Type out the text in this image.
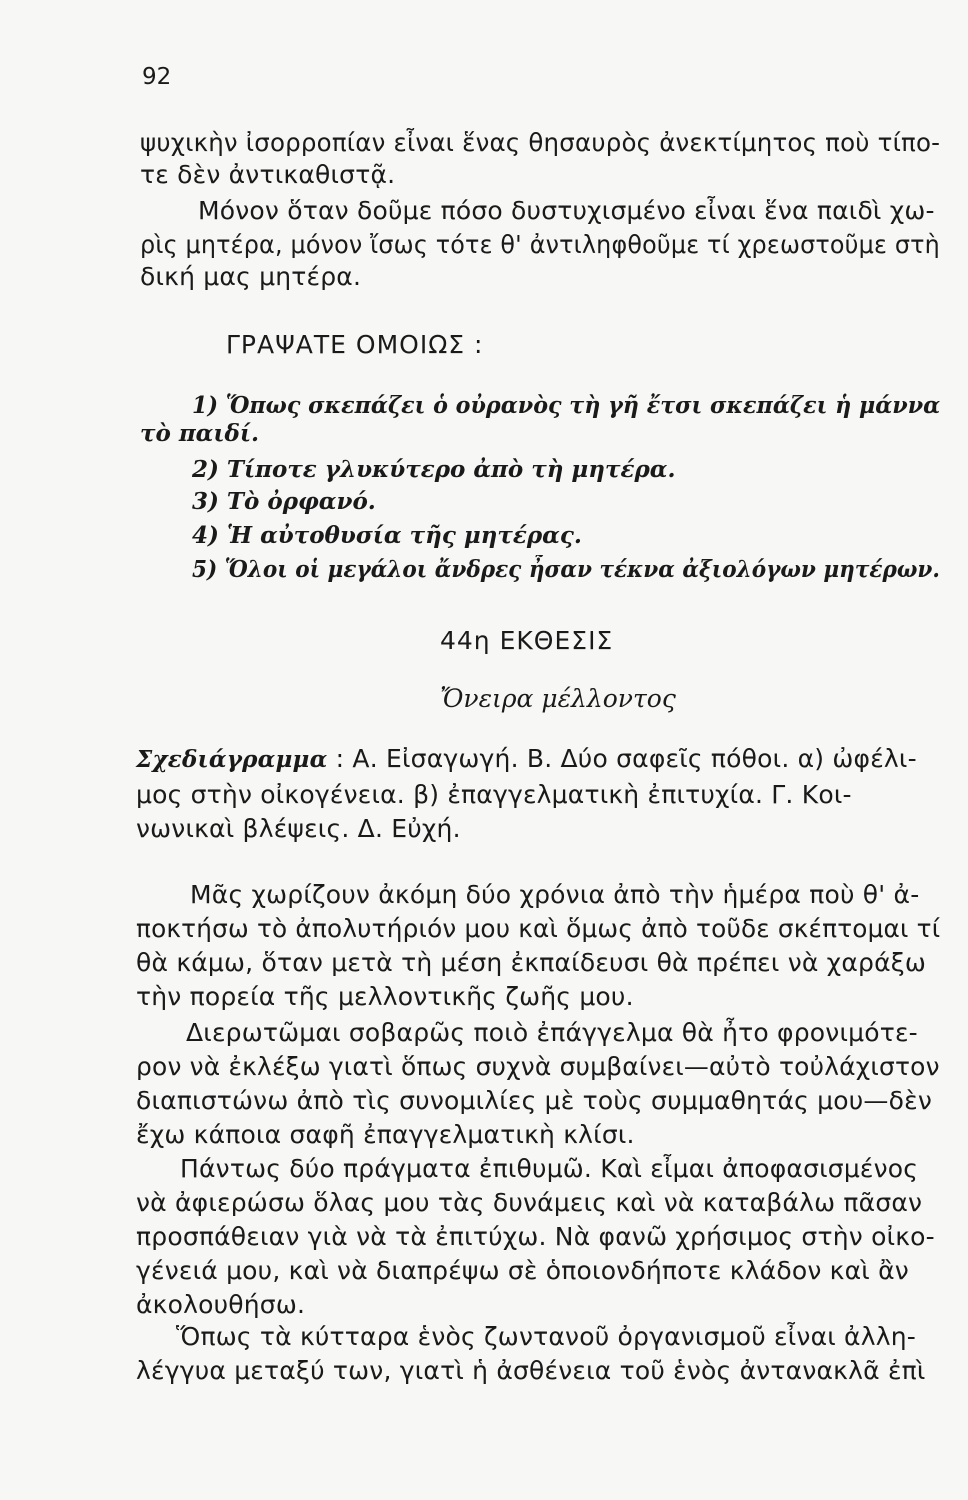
92
ψυχικὴν ἰσορροπίαν εἶναι ἕνας θησαυρὸς ἀνεκτίμητος ποὺ τίπο-
τε δὲν ἀντικαθιστᾷ.
Μόνον ὅταν δοῦμε πόσο δυστυχισμένο εἶναι ἕνα παιδὶ χω-
ρὶς μητέρα, μόνον ἴσως τότε θ' ἀντιληφθοῦμε τί χρεωστοῦμε στὴ
δική μας μητέρα.
ΓΡΑΨΑΤΕ ΟΜΟΙΩΣ :
1) Ὅπως σκεπάζει ὁ οὐρανὸς τὴ γῆ ἔτσι σκεπάζει ἡ μάννα
τὸ παιδί.
2) Τίποτε γλυκύτερο ἀπὸ τὴ μητέρα.
3) Τὸ ὀρφανό.
4) Ἡ αὐτοθυσία τῆς μητέρας.
5) Ὅλοι οἱ μεγάλοι ἄνδρες ἦσαν τέκνα ἀξιολόγων μητέρων.
44η ΕΚΘΕΣΙΣ
Ὄνειρα μέλλοντος
Σχεδιάγραμμα : Α. Εἰσαγωγή. Β. Δύο σαφεῖς πόθοι. α) ὠφέλι-
μος στὴν οἰκογένεια. β) ἐπαγγελματικὴ ἐπιτυχία. Γ. Κοι-
νωνικαὶ βλέψεις. Δ. Εὐχή.
Μᾶς χωρίζουν ἀκόμη δύο χρόνια ἀπὸ τὴν ἡμέρα ποὺ θ' ἀ-
ποκτήσω τὸ ἀπολυτήριόν μου καὶ ὅμως ἀπὸ τοῦδε σκέπτομαι τί
θὰ κάμω, ὅταν μετὰ τὴ μέση ἐκπαίδευσι θὰ πρέπει νὰ χαράξω
τὴν πορεία τῆς μελλοντικῆς ζωῆς μου.
Διερωτῶμαι σοβαρῶς ποιὸ ἐπάγγελμα θὰ ἦτο φρονιμότε-
ρον νὰ ἐκλέξω γιατὶ ὅπως συχνὰ συμβαίνει—αὐτὸ τοὐλάχιστον
διαπιστώνω ἀπὸ τὶς συνομιλίες μὲ τοὺς συμμαθητάς μου—δὲν
ἔχω κάποια σαφῆ ἐπαγγελματικὴ κλίσι.
Πάντως δύο πράγματα ἐπιθυμῶ. Καὶ εἶμαι ἀποφασισμένος
νὰ ἀφιερώσω ὅλας μου τὰς δυνάμεις καὶ νὰ καταβάλω πᾶσαν
προσπάθειαν γιὰ νὰ τὰ ἐπιτύχω. Νὰ φανῶ χρήσιμος στὴν οἰκο-
γένειά μου, καὶ νὰ διαπρέψω σὲ ὁποιονδήποτε κλάδον καὶ ἂν
ἀκολουθήσω.
Ὅπως τὰ κύτταρα ἑνὸς ζωντανοῦ ὀργανισμοῦ εἶναι ἀλλη-
λέγγυα μεταξύ των, γιατὶ ἡ ἀσθένεια τοῦ ἑνὸς ἀντανακλᾶ ἐπὶ
